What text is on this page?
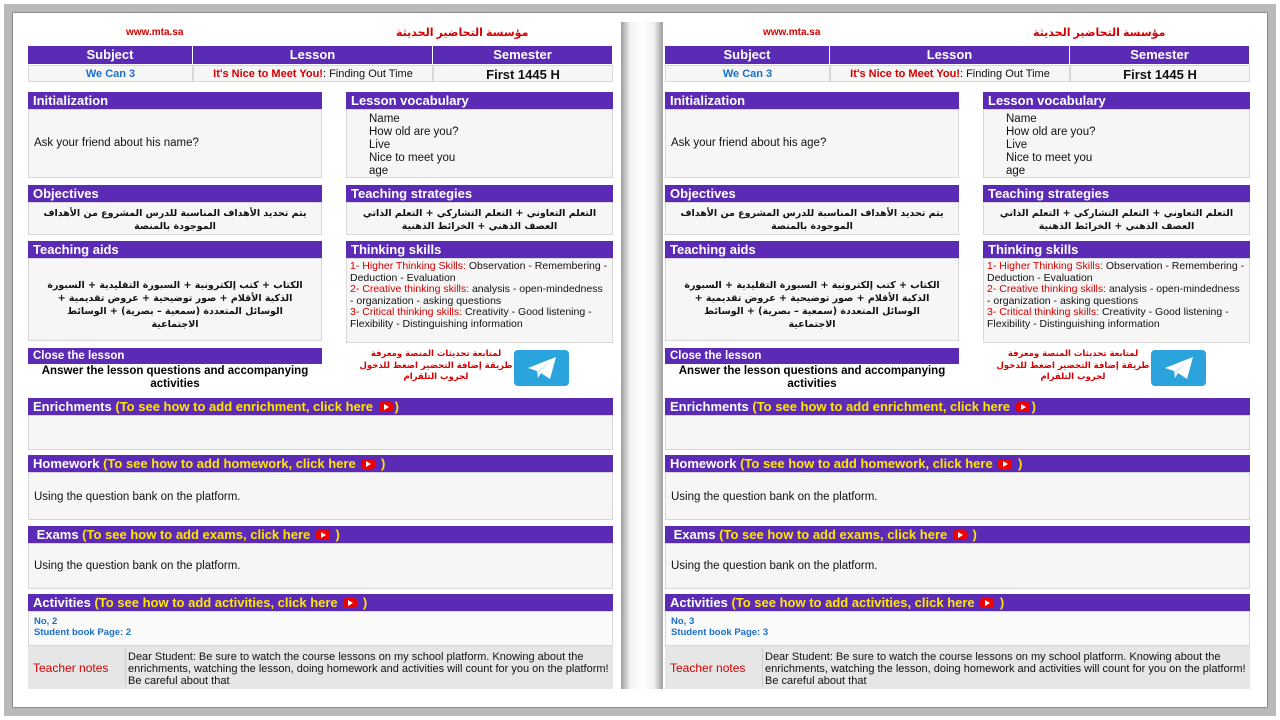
www.mta.sa	مؤسسة التحاضير الحديثة
Subject	Lesson	Semester
We Can 3	It's Nice to Meet You!: Finding Out Time	First 1445 H
Initialization
Ask your friend about his name?
Lesson vocabulary
Name
How old are you?
Live
Nice to meet you
age
Objectives
يتم تحديد الأهداف المناسبة للدرس المشروع من الأهداف الموجودة بالمنصة
Teaching strategies
التعلم التعاوني + التعلم التشاركي + التعلم الذاتي العصف الذهني + الخرائط الذهنية
Teaching aids
الكتاب + كتب إلكترونية + السبورة التقليدية + السبورة الذكية الأقلام + صور توضيحية + عروض تقديمية + الوسائل المتعددة (سمعية – بصرية) + الوسائط الاجتماعية
Thinking skills
1- Higher Thinking Skills: Observation - Remembering - Deduction - Evaluation
2- Creative thinking skills: analysis - open-mindedness - organization - asking questions
3- Critical thinking skills: Creativity - Good listening - Flexibility - Distinguishing information
Close the lesson
Answer the lesson questions and accompanying activities
لمتابعة تحديثات المنصة ومعرفة طريقة إضافة التحضير اضغط للدخول لجروب التلقرام
Enrichments (To see how to add enrichment, click here )
Homework (To see how to add homework, click here )
Using the question bank on the platform.
Exams (To see how to add exams, click here )
Using the question bank on the platform.
Activities (To see how to add activities, click here )
No, 2
Student book Page: 2
Teacher notes
Dear Student: Be sure to watch the course lessons on my school platform. Knowing about the enrichments, watching the lesson, doing homework and activities will count for you on the platform! Be careful about that
www.mta.sa	مؤسسة التحاضير الحديثة
Subject	Lesson	Semester
We Can 3	It's Nice to Meet You!: Finding Out Time	First 1445 H
Initialization
Ask your friend about his age?
Lesson vocabulary
Name
How old are you?
Live
Nice to meet you
age
Objectives
يتم تحديد الأهداف المناسبة للدرس المشروع من الأهداف الموجودة بالمنصة
Teaching strategies
التعلم التعاوني + التعلم التشاركي + التعلم الذاتي العصف الذهني + الخرائط الذهنية
Teaching aids
الكتاب + كتب إلكترونية + السبورة التقليدية + السبورة الذكية الأقلام + صور توضيحية + عروض تقديمية + الوسائل المتعددة (سمعية – بصرية) + الوسائط الاجتماعية
Thinking skills
1- Higher Thinking Skills: Observation - Remembering - Deduction - Evaluation
2- Creative thinking skills: analysis - open-mindedness - organization - asking questions
3- Critical thinking skills: Creativity - Good listening - Flexibility - Distinguishing information
Close the lesson
Answer the lesson questions and accompanying activities
لمتابعة تحديثات المنصة ومعرفة طريقة إضافة التحضير اضغط للدخول لجروب التلقرام
Enrichments (To see how to add enrichment, click here )
Homework (To see how to add homework, click here )
Using the question bank on the platform.
Exams (To see how to add exams, click here )
Using the question bank on the platform.
Activities (To see how to add activities, click here )
No, 3
Student book Page: 3
Teacher notes
Dear Student: Be sure to watch the course lessons on my school platform. Knowing about the enrichments, watching the lesson, doing homework and activities will count for you on the platform! Be careful about that
